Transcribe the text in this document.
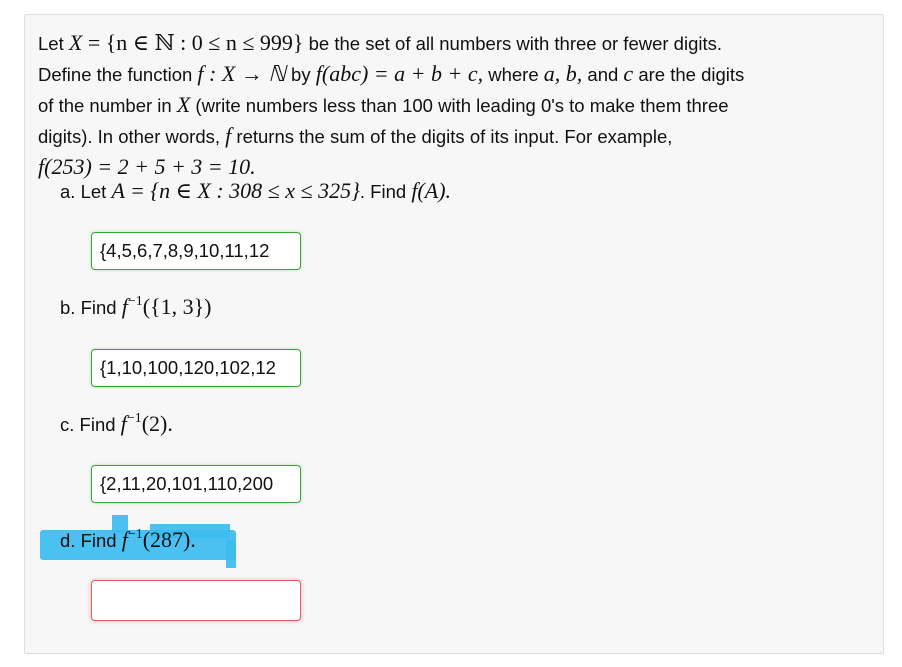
Let X = {n ∈ ℕ : 0 ≤ n ≤ 999} be the set of all numbers with three or fewer digits.
Define the function f : X → ℕ by f(abc) = a + b + c, where a, b, and c are the digits
of the number in X (write numbers less than 100 with leading 0's to make them three
digits). In other words, f returns the sum of the digits of its input. For example,
f(253) = 2 + 5 + 3 = 10.
a. Let A = {n ∈ X : 308 ≤ x ≤ 325}. Find f(A).
{4,5,6,7,8,9,10,11,12
b. Find $f^{-1}(\{1$, 3})
{1,10,100,120,102,12
c. Find $f^{-1}(2)$.
{2,11,20,101,110,200
d. Find $f^{-1}(287)$.
